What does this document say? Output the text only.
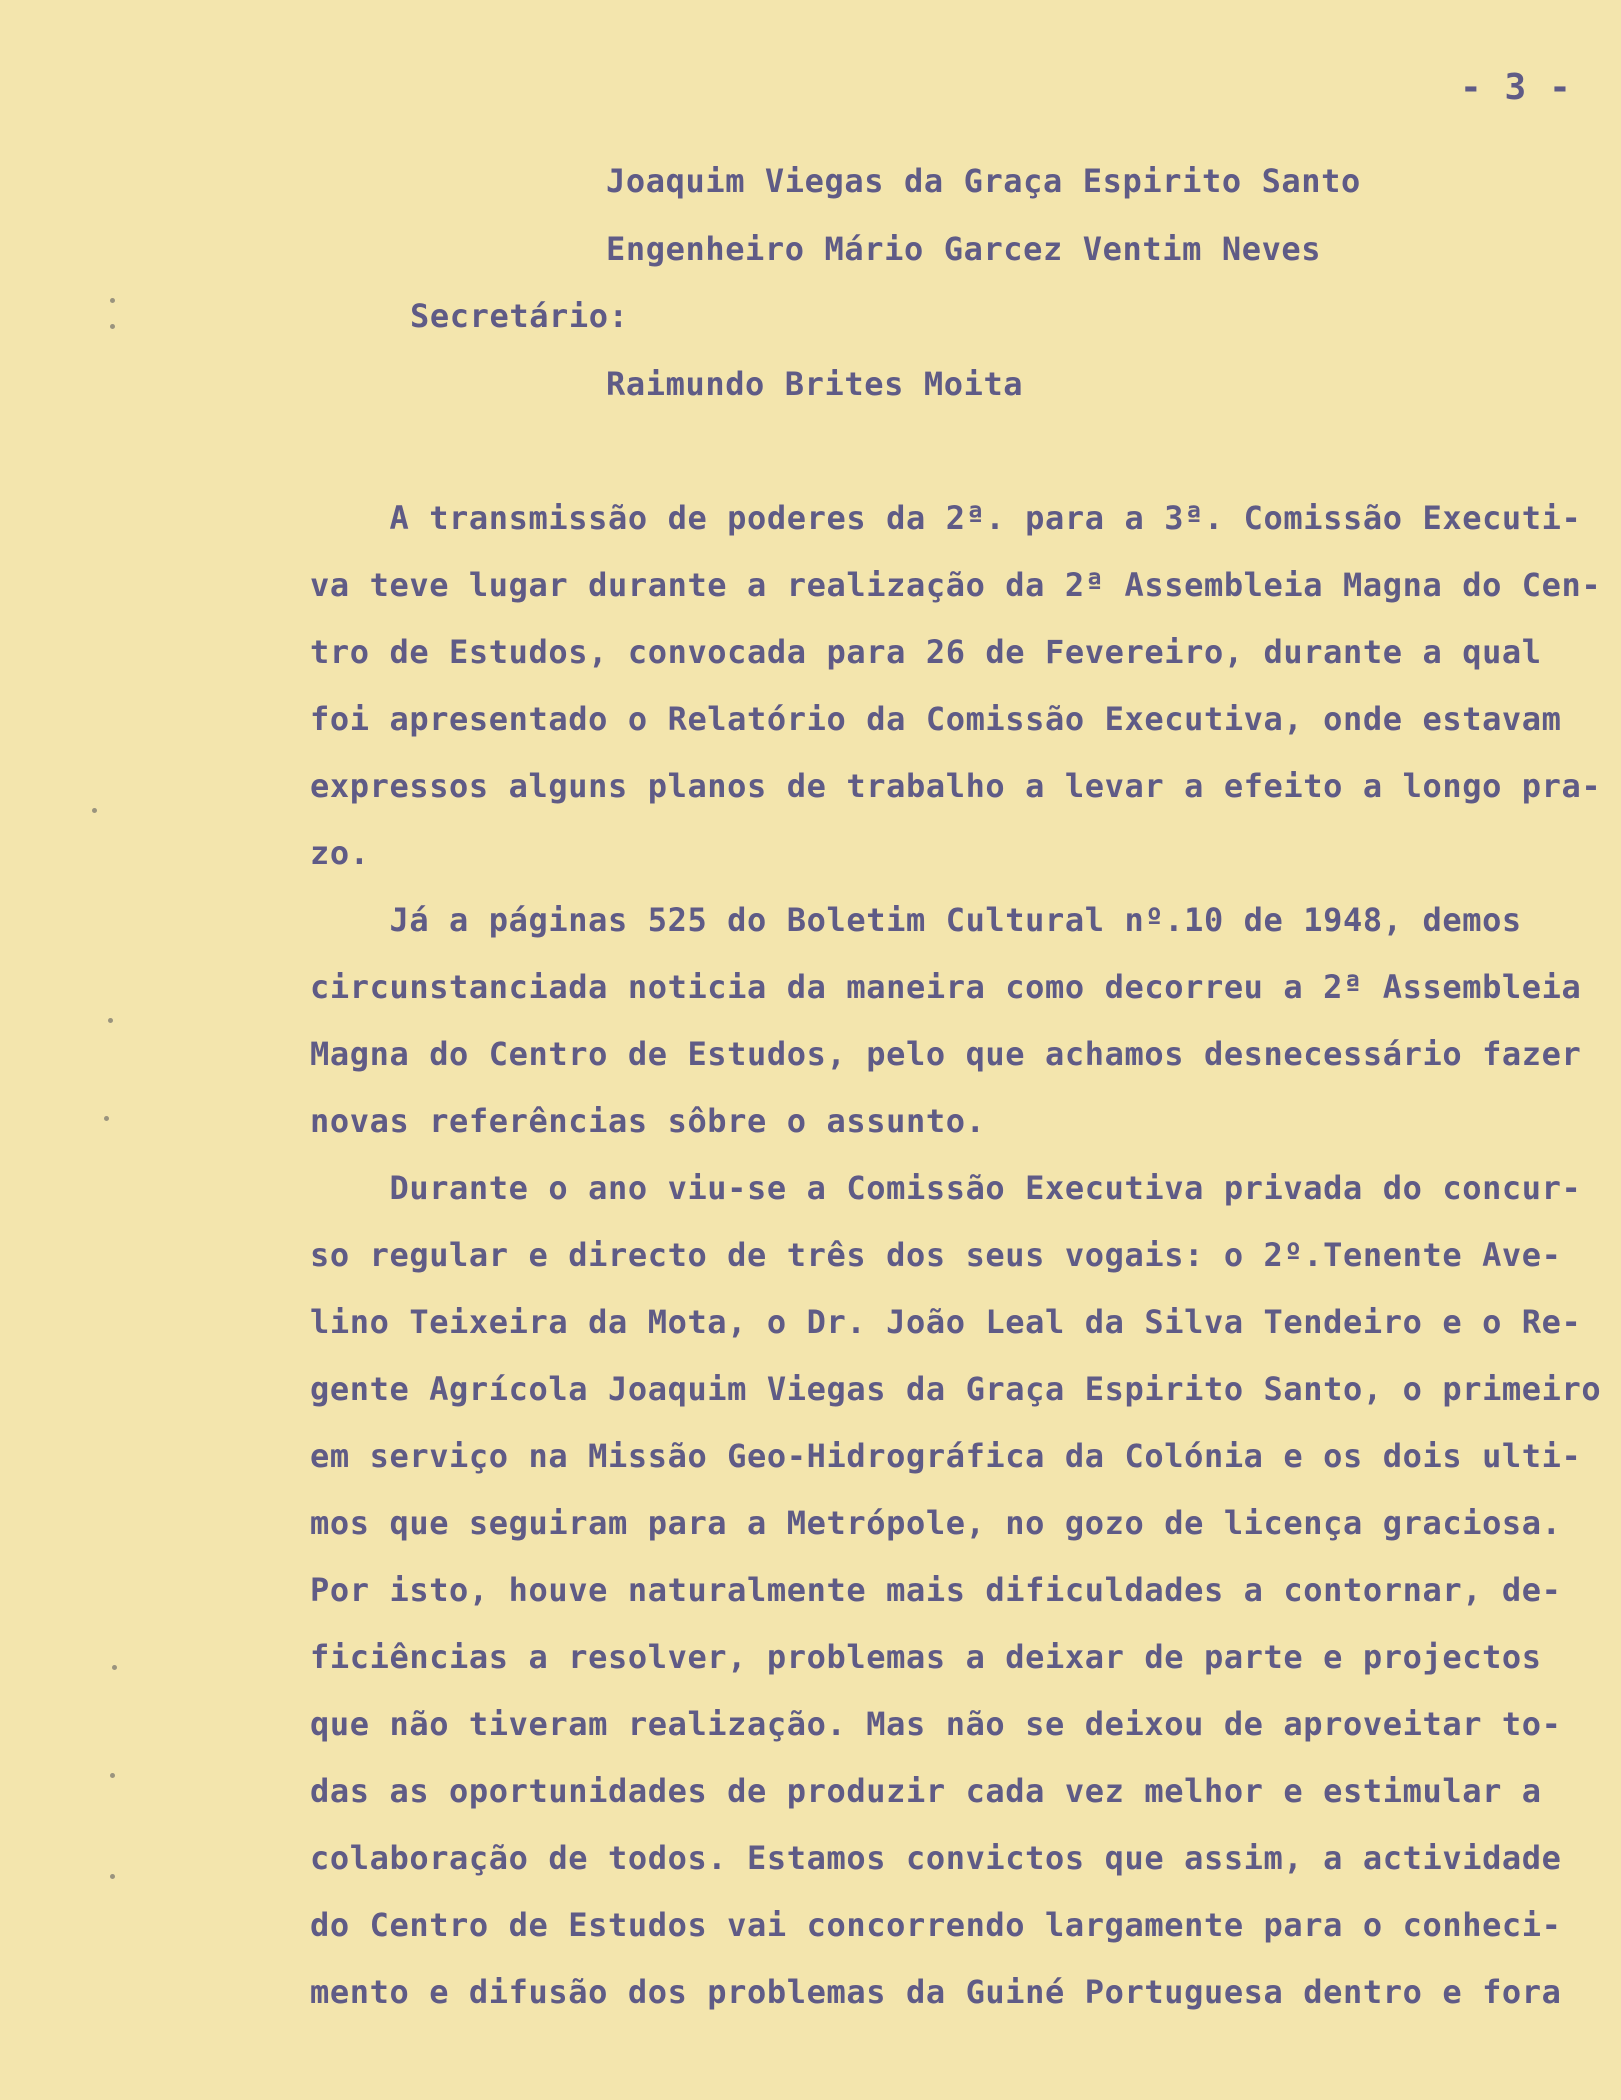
- 3 -
Joaquim Viegas da Graça Espirito Santo
Engenheiro Mário Garcez Ventim Neves
Secretário:
Raimundo Brites Moita
A transmissão de poderes da 2ª. para a 3ª. Comissão Executi-
va teve lugar durante a realização da 2ª Assembleia Magna do Cen-
tro de Estudos, convocada para 26 de Fevereiro, durante a qual
foi apresentado o Relatório da Comissão Executiva, onde estavam
expressos alguns planos de trabalho a levar a efeito a longo pra-
zo.
Já a páginas 525 do Boletim Cultural nº.10 de 1948, demos
circunstanciada noticia da maneira como decorreu a 2ª Assembleia
Magna do Centro de Estudos, pelo que achamos desnecessário fazer
novas referências sôbre o assunto.
Durante o ano viu-se a Comissão Executiva privada do concur-
so regular e directo de três dos seus vogais: o 2º.Tenente Ave-
lino Teixeira da Mota, o Dr. João Leal da Silva Tendeiro e o Re-
gente Agrícola Joaquim Viegas da Graça Espirito Santo, o primeiro
em serviço na Missão Geo-Hidrográfica da Colónia e os dois ulti-
mos que seguiram para a Metrópole, no gozo de licença graciosa.
Por isto, houve naturalmente mais dificuldades a contornar, de-
ficiências a resolver, problemas a deixar de parte e projectos
que não tiveram realização. Mas não se deixou de aproveitar to-
das as oportunidades de produzir cada vez melhor e estimular a
colaboração de todos. Estamos convictos que assim, a actividade
do Centro de Estudos vai concorrendo largamente para o conheci-
mento e difusão dos problemas da Guiné Portuguesa dentro e fora
